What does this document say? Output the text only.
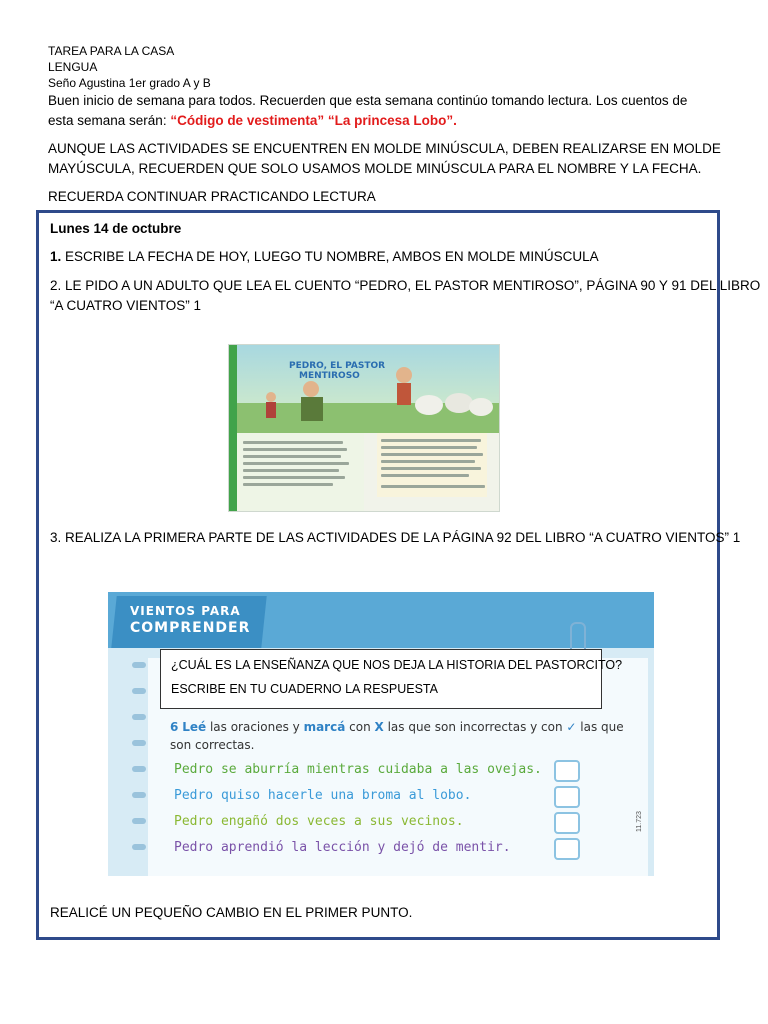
TAREA PARA LA CASA
LENGUA
Seño Agustina 1er grado A y B
Buen inicio de semana para todos. Recuerden que esta semana continúo tomando lectura. Los cuentos de
esta semana serán: “Código de vestimenta” “La princesa Lobo”.
AUNQUE LAS ACTIVIDADES SE ENCUENTREN EN MOLDE MINÚSCULA, DEBEN REALIZARSE EN MOLDE
MAYÚSCULA, RECUERDEN QUE SOLO USAMOS MOLDE MINÚSCULA PARA EL NOMBRE Y LA FECHA.
RECUERDA CONTINUAR PRACTICANDO LECTURA
Lunes 14 de octubre
1. ESCRIBE LA FECHA DE HOY, LUEGO TU NOMBRE, AMBOS EN MOLDE MINÚSCULA
2. LE PIDO A UN ADULTO QUE LEA EL CUENTO “PEDRO, EL PASTOR MENTIROSO”, PÁGINA 90 Y 91 DEL LIBRO
“A CUATRO VIENTOS” 1
3. REALIZA LA PRIMERA PARTE DE LAS ACTIVIDADES DE LA PÁGINA 92 DEL LIBRO “A CUATRO VIENTOS” 1
REALICÉ UN PEQUEÑO CAMBIO EN EL PRIMER PUNTO.
PEDRO, EL PASTOR
MENTIROSO
VIENTOS PARA
COMPRENDER
¿CUÁL ES LA ENSEÑANZA QUE NOS DEJA LA HISTORIA DEL PASTORCITO?
ESCRIBE EN TU CUADERNO LA RESPUESTA
6 Leé las oraciones y marcá con X las que son incorrectas y con ✓ las que son correctas.
Pedro se aburría mientras cuidaba a las ovejas.
Pedro quiso hacerle una broma al lobo.
Pedro engañó dos veces a sus vecinos.
Pedro aprendió la lección y dejó de mentir.
11.723
